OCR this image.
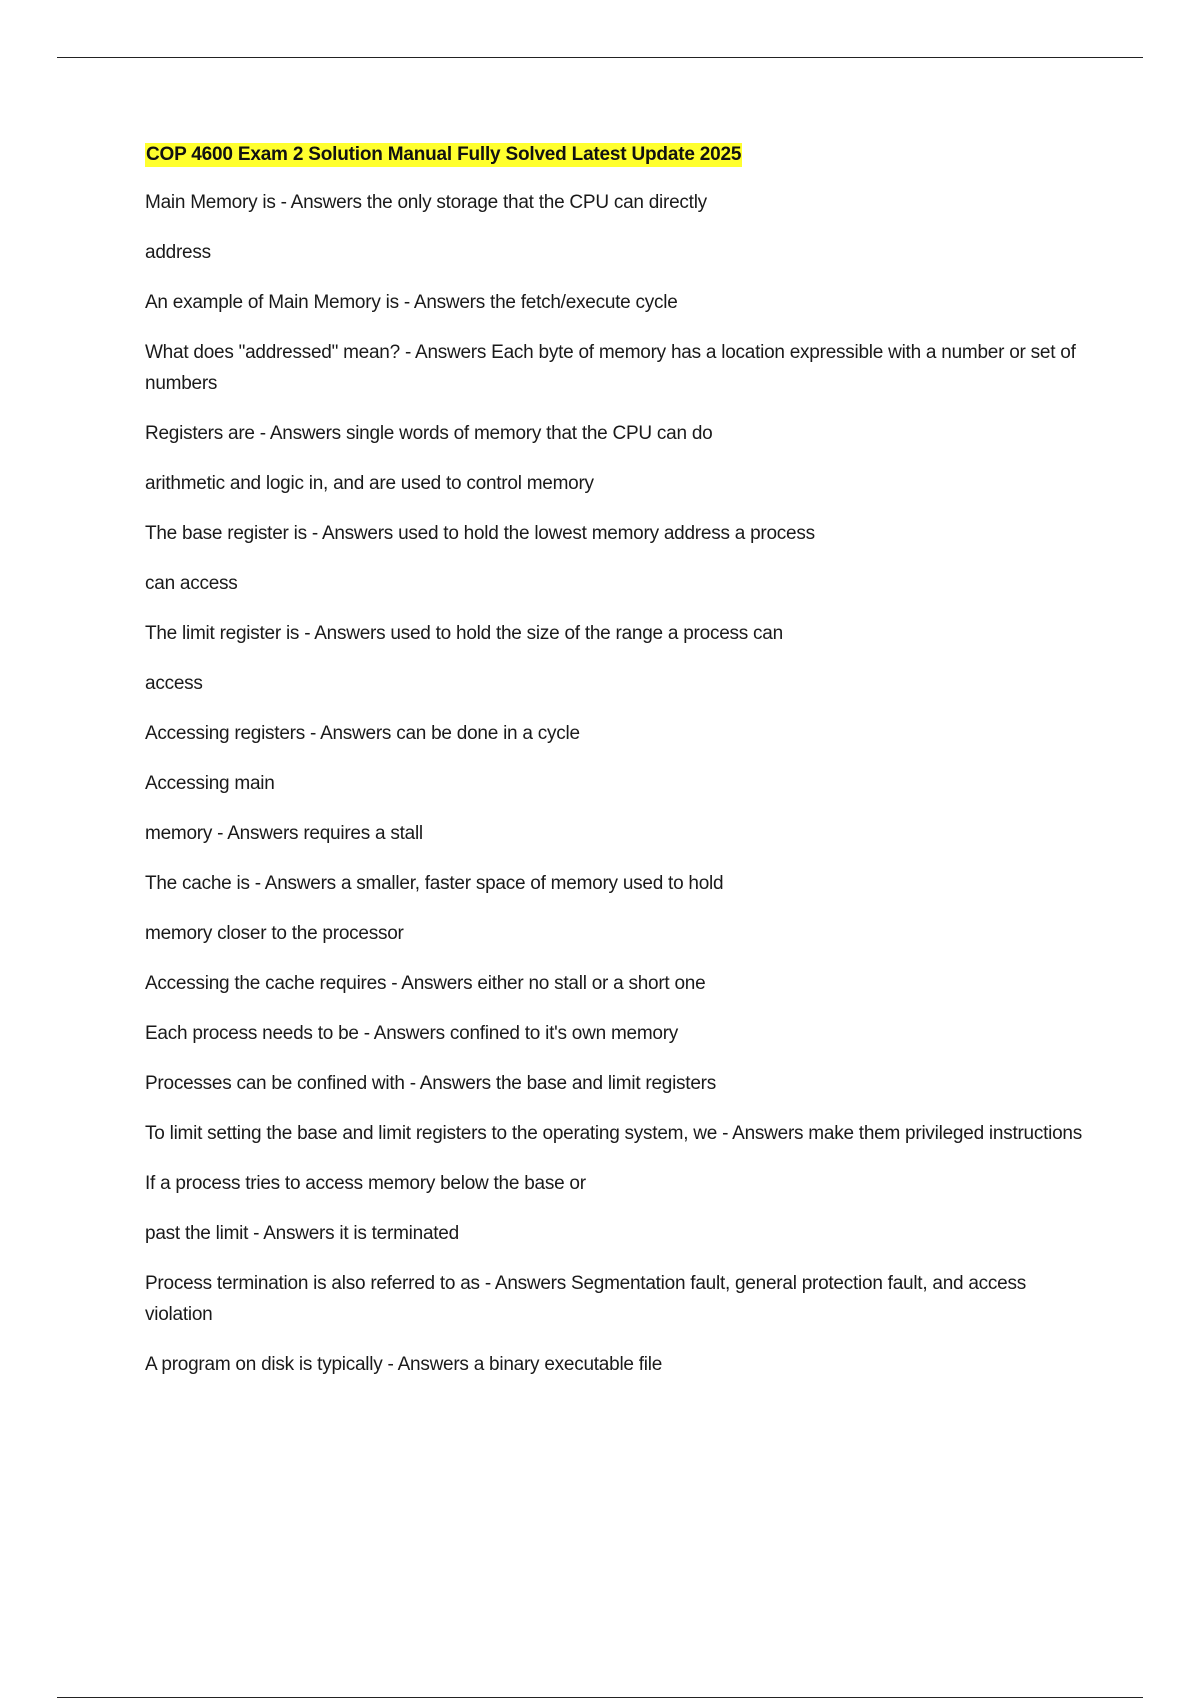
COP 4600 Exam 2 Solution Manual Fully Solved Latest Update 2025

Main Memory is - Answers the only storage that the CPU can directly

address

An example of Main Memory is - Answers the fetch/execute cycle

What does "addressed" mean? - Answers Each byte of memory has a location expressible with a number or set of numbers

Registers are - Answers single words of memory that the CPU can do

arithmetic and logic in, and are used to control memory

The base register is - Answers used to hold the lowest memory address a process

can access

The limit register is - Answers used to hold the size of the range a process can

access

Accessing registers - Answers can be done in a cycle

Accessing main

memory - Answers requires a stall

The cache is - Answers a smaller, faster space of memory used to hold

memory closer to the processor

Accessing the cache requires - Answers either no stall or a short one

Each process needs to be - Answers confined to it's own memory

Processes can be confined with - Answers the base and limit registers

To limit setting the base and limit registers to the operating system, we - Answers make them privileged instructions

If a process tries to access memory below the base or

past the limit - Answers it is terminated

Process termination is also referred to as - Answers Segmentation fault, general protection fault, and access violation

A program on disk is typically - Answers a binary executable file
